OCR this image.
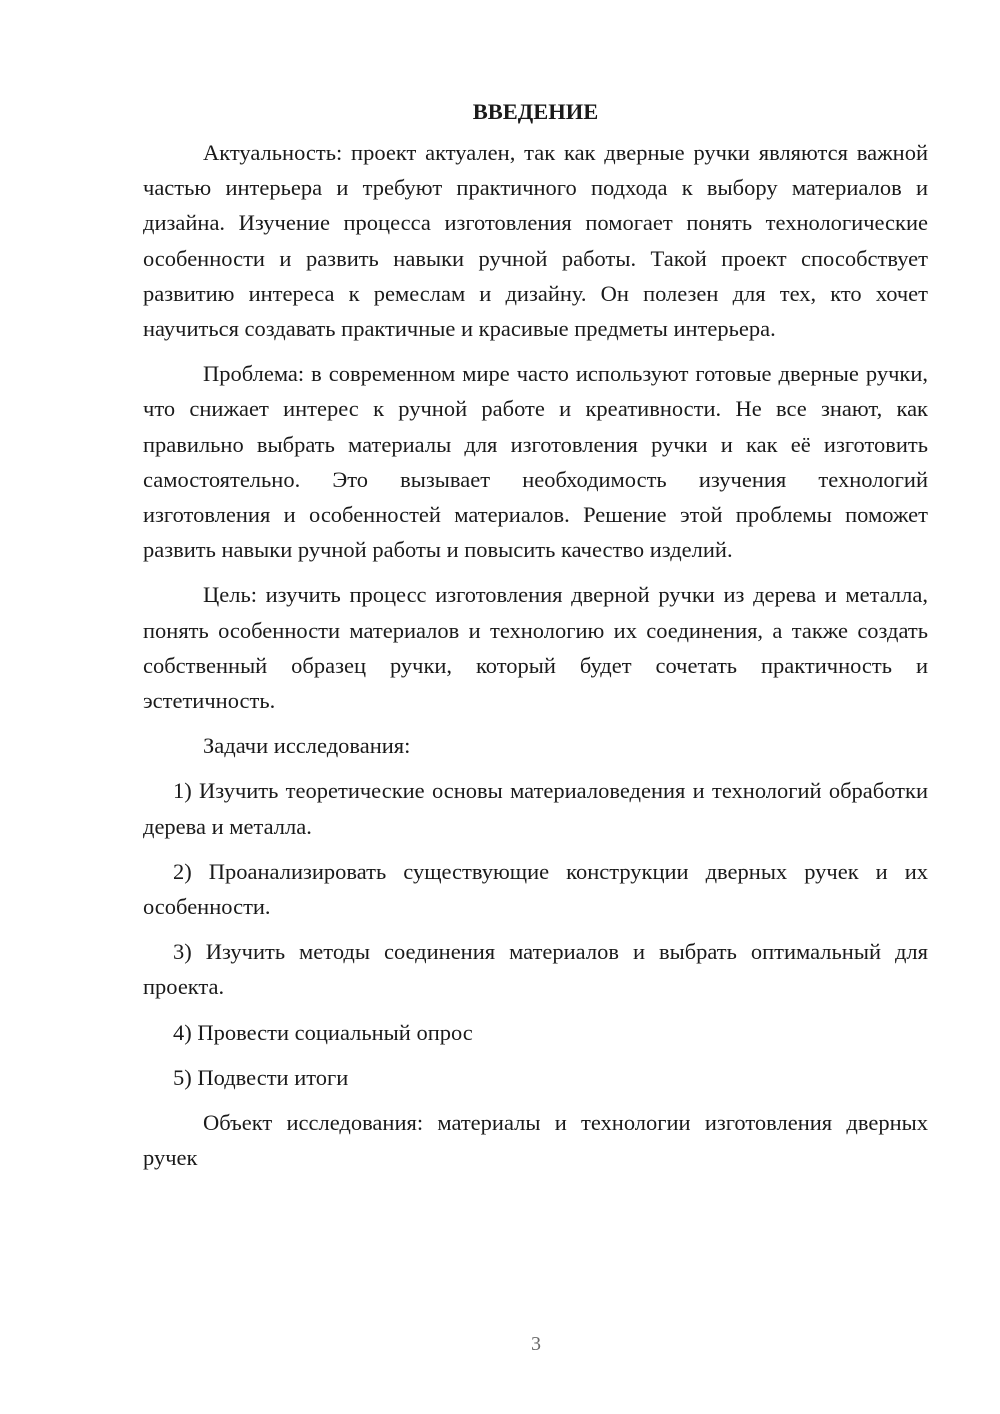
ВВЕДЕНИЕ

Актуальность: проект актуален, так как дверные ручки являются важной частью интерьера и требуют практичного подхода к выбору материалов и дизайна. Изучение процесса изготовления помогает понять технологические особенности и развить навыки ручной работы. Такой проект способствует развитию интереса к ремеслам и дизайну. Он полезен для тех, кто хочет научиться создавать практичные и красивые предметы интерьера.

Проблема: в современном мире часто используют готовые дверные ручки, что снижает интерес к ручной работе и креативности. Не все знают, как правильно выбрать материалы для изготовления ручки и как её изготовить самостоятельно. Это вызывает необходимость изучения технологий изготовления и особенностей материалов. Решение этой проблемы поможет развить навыки ручной работы и повысить качество изделий.

Цель: изучить процесс изготовления дверной ручки из дерева и металла, понять особенности материалов и технологию их соединения, а также создать собственный образец ручки, который будет сочетать практичность и эстетичность.

Задачи исследования:

1) Изучить теоретические основы материаловедения и технологий обработки дерева и металла.

2) Проанализировать существующие конструкции дверных ручек и их особенности.

3) Изучить методы соединения материалов и выбрать оптимальный для проекта.

4) Провести социальный опрос

5) Подвести итоги

Объект исследования: материалы и технологии изготовления дверных ручек

3
